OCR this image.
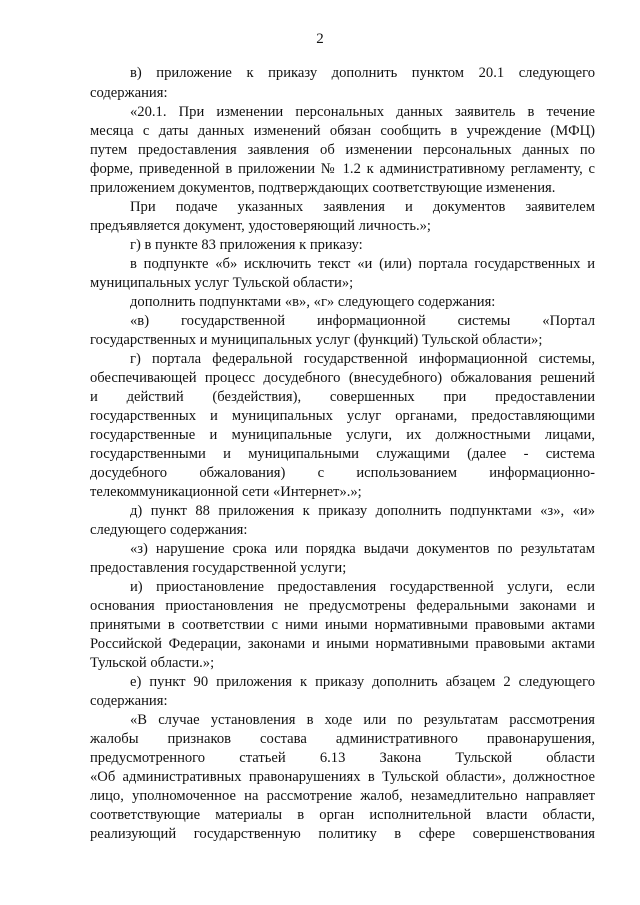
2
в) приложение к приказу дополнить пунктом 20.1 следующего
содержания:
«20.1. При изменении персональных данных заявитель в течение
месяца с даты данных изменений обязан сообщить в учреждение (МФЦ)
путем предоставления заявления об изменении персональных данных по
форме, приведенной в приложении № 1.2 к административному регламенту, с
приложением документов, подтверждающих соответствующие изменения.
При подаче указанных заявления и документов заявителем
предъявляется документ, удостоверяющий личность.»;
г) в пункте 83 приложения к приказу:
в подпункте «б» исключить текст «и (или) портала государственных и
муниципальных услуг Тульской области»;
дополнить подпунктами «в», «г» следующего содержания:
«в) государственной информационной системы «Портал
государственных и муниципальных услуг (функций) Тульской области»;
г) портала федеральной государственной информационной системы,
обеспечивающей процесс досудебного (внесудебного) обжалования решений
и действий (бездействия), совершенных при предоставлении
государственных и муниципальных услуг органами, предоставляющими
государственные и муниципальные услуги, их должностными лицами,
государственными и муниципальными служащими (далее - система
досудебного обжалования) с использованием информационно-
телекоммуникационной сети «Интернет».»;
д) пункт 88 приложения к приказу дополнить подпунктами «з», «и»
следующего содержания:
«з) нарушение срока или порядка выдачи документов по результатам
предоставления государственной услуги;
и) приостановление предоставления государственной услуги, если
основания приостановления не предусмотрены федеральными законами и
принятыми в соответствии с ними иными нормативными правовыми актами
Российской Федерации, законами и иными нормативными правовыми актами
Тульской области.»;
е) пункт 90 приложения к приказу дополнить абзацем 2 следующего
содержания:
«В случае установления в ходе или по результатам рассмотрения
жалобы признаков состава административного правонарушения,
предусмотренного статьей 6.13 Закона Тульской области
«Об административных правонарушениях в Тульской области», должностное
лицо, уполномоченное на рассмотрение жалоб, незамедлительно направляет
соответствующие материалы в орган исполнительной власти области,
реализующий государственную политику в сфере совершенствования
